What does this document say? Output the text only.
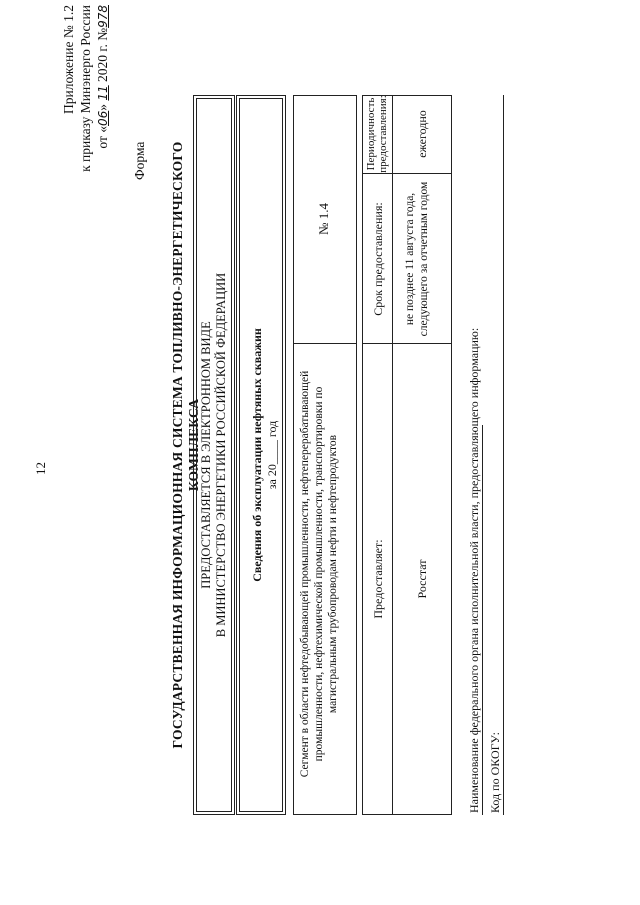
12
Приложение № 1.2 к приказу Минэнерго России от «06» 11 2020 г. №978
Форма ГОСУДАРСТВЕННАЯ ИНФОРМАЦИОННАЯ СИСТЕМА ТОПЛИВНО-ЭНЕРГЕТИЧЕСКОГО КОМПЛЕКСА
ПРЕДОСТАВЛЯЕТСЯ В ЭЛЕКТРОННОМ ВИДЕ В МИНИСТЕРСТВО ЭНЕРГЕТИКИ РОССИЙСКОЙ ФЕДЕРАЦИИ Сведения об эксплуатации нефтяных скважин за 20____ год Сегмент в области нефтедобывающей промышленности, нефтеперерабатывающей промышленности, нефтехимической промышленности, транспортировки по магистральным трубопроводам нефти и нефтепродуктов
№ 1.4
Предоставляет:
Срок предоставления:
Периодичность предоставления:
Росстат
не позднее 11 августа года, следующего за отчетным годом
ежегодно
Наименование федерального органа исполнительной власти, предоставляющего информацию: Код по ОКОГУ:
